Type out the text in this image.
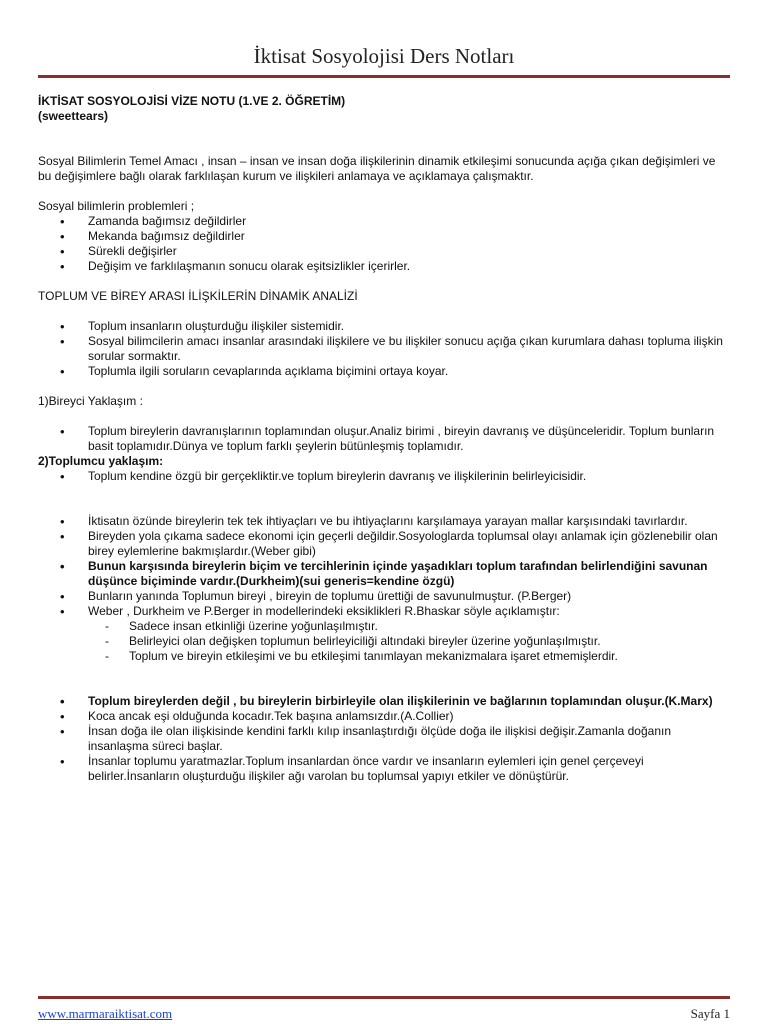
İktisat Sosyolojisi Ders Notları

İKTİSAT SOSYOLOJİSİ VİZE NOTU (1.VE 2. ÖĞRETİM)

(sweettears)

Sosyal Bilimlerin Temel Amacı , insan – insan ve insan doğa ilişkilerinin dinamik etkileşimi sonucunda açığa çıkan değişimleri ve bu değişimlere bağlı olarak farklılaşan kurum ve ilişkileri anlamaya ve açıklamaya çalışmaktır.

Sosyal bilimlerin problemleri ;

• Zamanda bağımsız değildirler
• Mekanda bağımsız değildirler
• Sürekli değişirler
• Değişim ve farklılaşmanın sonucu olarak eşitsizlikler içerirler.

TOPLUM VE BİREY ARASI İLİŞKİLERİN DİNAMİK ANALİZİ

• Toplum insanların oluşturduğu ilişkiler sistemidir.
• Sosyal bilimcilerin amacı insanlar arasındaki ilişkilere ve bu ilişkiler sonucu açığa çıkan kurumlara dahası topluma ilişkin sorular sormaktır.
• Toplumla ilgili soruların cevaplarında açıklama biçimini ortaya koyar.

1)Bireyci Yaklaşım :

• Toplum bireylerin davranışlarının toplamından oluşur.Analiz birimi , bireyin davranış ve düşünceleridir. Toplum bunların basit toplamıdır.Dünya ve toplum farklı şeylerin bütünleşmiş toplamıdır.

2)Toplumcu yaklaşım:

• Toplum kendine özgü bir gerçekliktir.ve toplum bireylerin davranış ve ilişkilerinin belirleyicisidir.
• İktisatın özünde bireylerin tek tek ihtiyaçları ve bu ihtiyaçlarını karşılamaya yarayan mallar karşısındaki tavırlardır.
• Bireyden yola çıkama sadece ekonomi için geçerli değildir.Sosyologlarda toplumsal olayı anlamak için gözlenebilir olan birey eylemlerine bakmışlardır.(Weber gibi)
• Bunun karşısında bireylerin biçim ve tercihlerinin içinde yaşadıkları toplum tarafından belirlendiğini savunan düşünce biçiminde vardır.(Durkheim)(sui generis=kendine özgü)
• Bunların yanında Toplumun bireyi , bireyin de toplumu ürettiği de savunulmuştur. (P.Berger)
• Weber , Durkheim ve P.Berger in modellerindeki eksiklikleri R.Bhaskar söyle açıklamıştır:
- Sadece insan etkinliği üzerine yoğunlaşılmıştır.
- Belirleyici olan değişken toplumun belirleyiciliği altındaki bireyler üzerine yoğunlaşılmıştır.
- Toplum ve bireyin etkileşimi ve bu etkileşimi tanımlayan mekanizmalara işaret etmemişlerdir.
• Toplum bireylerden değil , bu bireylerin birbirleyile olan ilişkilerinin ve bağlarının toplamından oluşur.(K.Marx)
• Koca ancak eşi olduğunda kocadır.Tek başına anlamsızdır.(A.Collier)
• İnsan doğa ile olan ilişkisinde kendini farklı kılıp insanlaştırdığı ölçüde doğa ile ilişkisi değişir.Zamanla doğanın insanlaşma süreci başlar.
• İnsanlar toplumu yaratmazlar.Toplum insanlardan önce vardır ve insanların eylemleri için genel çerçeveyi belirler.İnsanların oluşturduğu ilişkiler ağı varolan bu toplumsal yapıyı etkiler ve dönüştürür.
www.marmaraiktisat.com	Sayfa 1
